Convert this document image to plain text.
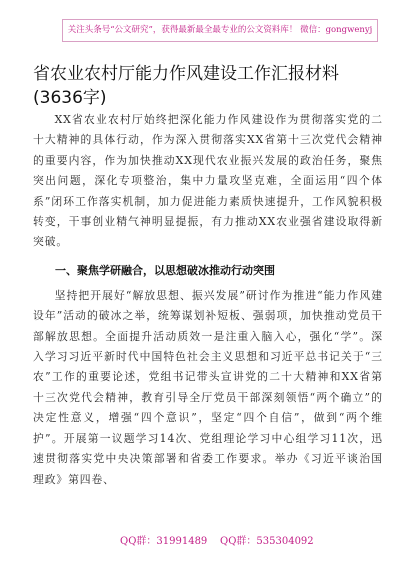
关注头条号“公文研究”，获得最新最全最专业的公文资料库！ 微信：gongwenyj
省农业农村厅能力作风建设工作汇报材料(3636字)

XX省农业农村厅始终把深化能力作风建设作为贯彻落实党的二十大精神的具体行动，作为深入贯彻落实XX省第十三次党代会精神的重要内容，作为加快推动XX现代农业振兴发展的政治任务，聚焦突出问题，深化专项整治，集中力量攻坚克难，全面运用“四个体系”闭环工作落实机制，加力促进能力素质快速提升，工作风貌积极转变，干事创业精气神明显提振，有力推动XX农业强省建设取得新突破。

一、聚焦学研融合，以思想破冰推动行动突围

坚持把开展好“解放思想、振兴发展”研讨作为推进“能力作风建设年”活动的破冰之举，统筹谋划补短板、强弱项，加快推动党员干部解放思想。全面提升活动质效一是注重入脑入心，强化“学”。深入学习习近平新时代中国特色社会主义思想和习近平总书记关于“三农”工作的重要论述，党组书记带头宣讲党的二十大精神和XX省第十三次党代会精神，教育引导全厅党员干部深刻领悟“两个确立”的决定性意义，增强“四个意识”，坚定“四个自信”，做到“两个维护”。开展第一议题学习14次、党组理论学习中心组学习11次，迅速贯彻落实党中央决策部署和省委工作要求。举办《习近平谈治国理政》第四卷、

QQ群：31991489 QQ群：535304092
